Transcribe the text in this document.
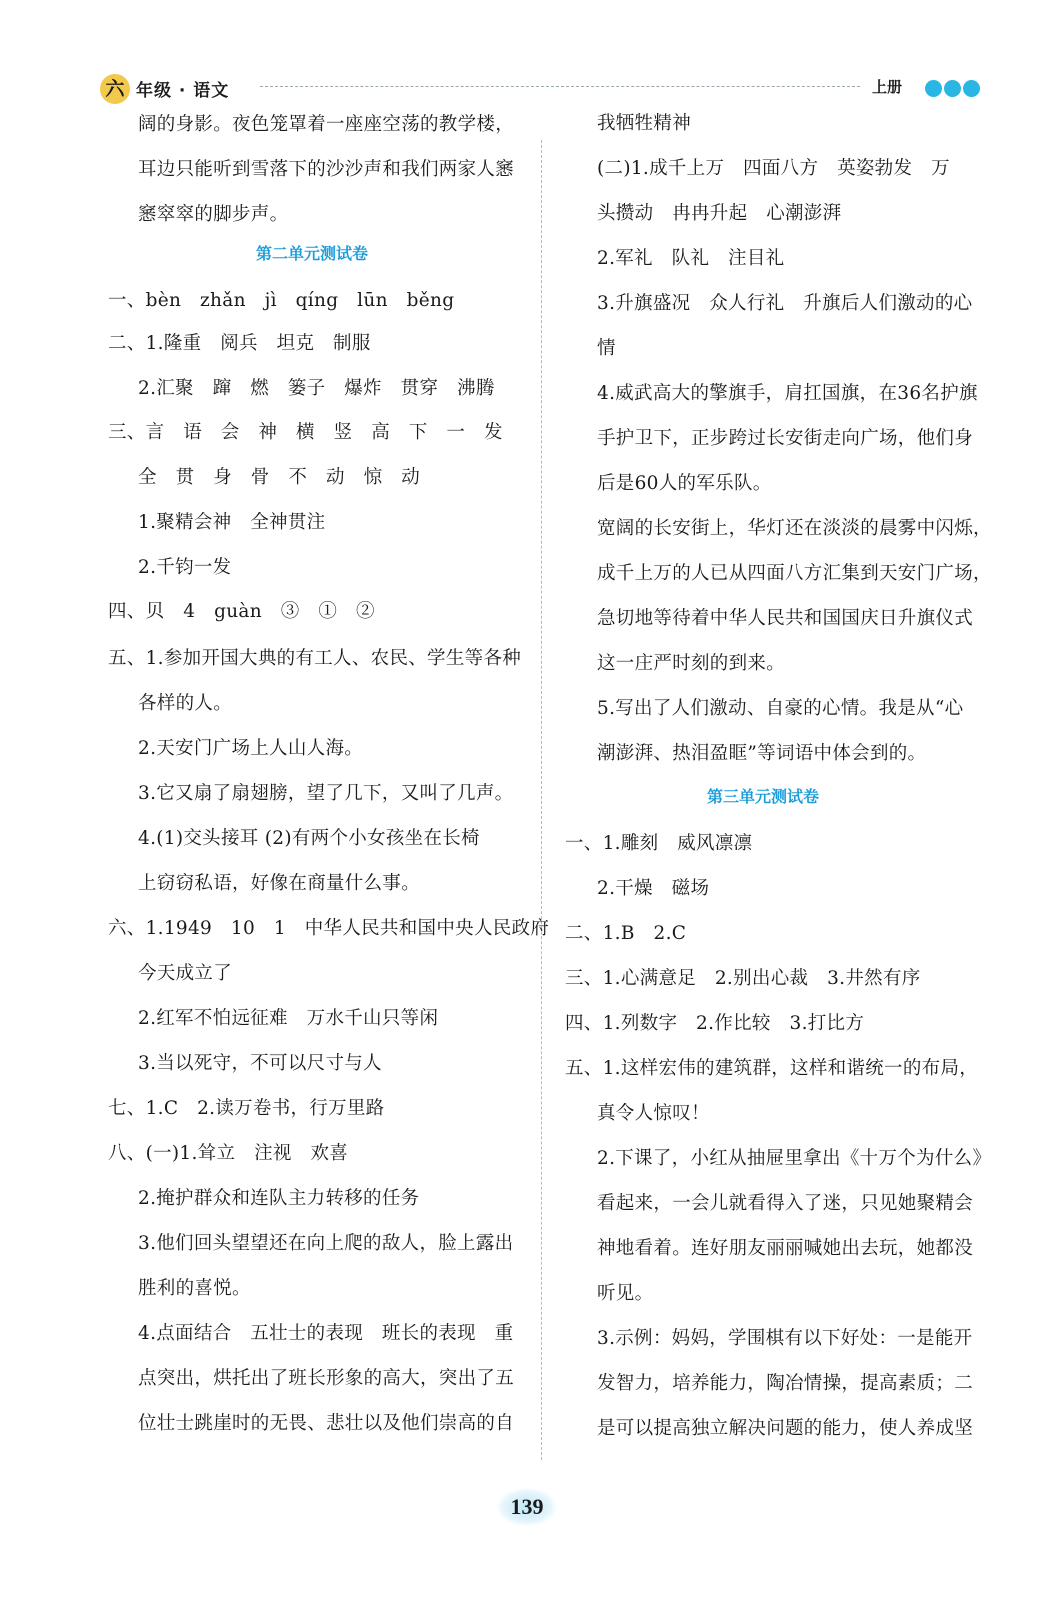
六 年级 · 语文	上册
阔的身影。夜色笼罩着一座座空荡的教学楼，
耳边只能听到雪落下的沙沙声和我们两家人窸
窸窣窣的脚步声。
第二单元测试卷
一、bèn　zhǎn　jì　qíng　lūn　běng
二、1.隆重　阅兵　坦克　制服
2.汇聚　蹿　燃　篓子　爆炸　贯穿　沸腾
三、言　语　会　神　横　竖　高　下　一　发
全　贯　身　骨　不　动　惊　动
1.聚精会神　全神贯注
2.千钧一发
四、贝　4　guàn　③　①　②
五、1.参加开国大典的有工人、农民、学生等各种
各样的人。
2.天安门广场上人山人海。
3.它又扇了扇翅膀，望了几下，又叫了几声。
4.(1)交头接耳 (2)有两个小女孩坐在长椅
上窃窃私语，好像在商量什么事。
六、1.1949　10　1　中华人民共和国中央人民政府
今天成立了
2.红军不怕远征难　万水千山只等闲
3.当以死守，不可以尺寸与人
七、1.C　2.读万卷书，行万里路
八、(一)1.耸立　注视　欢喜
2.掩护群众和连队主力转移的任务
3.他们回头望望还在向上爬的敌人，脸上露出
胜利的喜悦。
4.点面结合　五壮士的表现　班长的表现　重
点突出，烘托出了班长形象的高大，突出了五
位壮士跳崖时的无畏、悲壮以及他们崇高的自
我牺牲精神
(二)1.成千上万　四面八方　英姿勃发　万
头攒动　冉冉升起　心潮澎湃
2.军礼　队礼　注目礼
3.升旗盛况　众人行礼　升旗后人们激动的心
情
4.威武高大的擎旗手，肩扛国旗，在36名护旗
手护卫下，正步跨过长安街走向广场，他们身
后是60人的军乐队。
宽阔的长安街上，华灯还在淡淡的晨雾中闪烁，
成千上万的人已从四面八方汇集到天安门广场，
急切地等待着中华人民共和国国庆日升旗仪式
这一庄严时刻的到来。
5.写出了人们激动、自豪的心情。我是从“心
潮澎湃、热泪盈眶”等词语中体会到的。
第三单元测试卷
一、1.雕刻　威风凛凛
2.干燥　磁场
二、1.B　2.C
三、1.心满意足　2.别出心裁　3.井然有序
四、1.列数字　2.作比较　3.打比方
五、1.这样宏伟的建筑群，这样和谐统一的布局，
真令人惊叹！
2.下课了，小红从抽屉里拿出《十万个为什么》
看起来，一会儿就看得入了迷，只见她聚精会
神地看着。连好朋友丽丽喊她出去玩，她都没
听见。
3.示例：妈妈，学围棋有以下好处：一是能开
发智力，培养能力，陶冶情操，提高素质；二
是可以提高独立解决问题的能力，使人养成坚
139
